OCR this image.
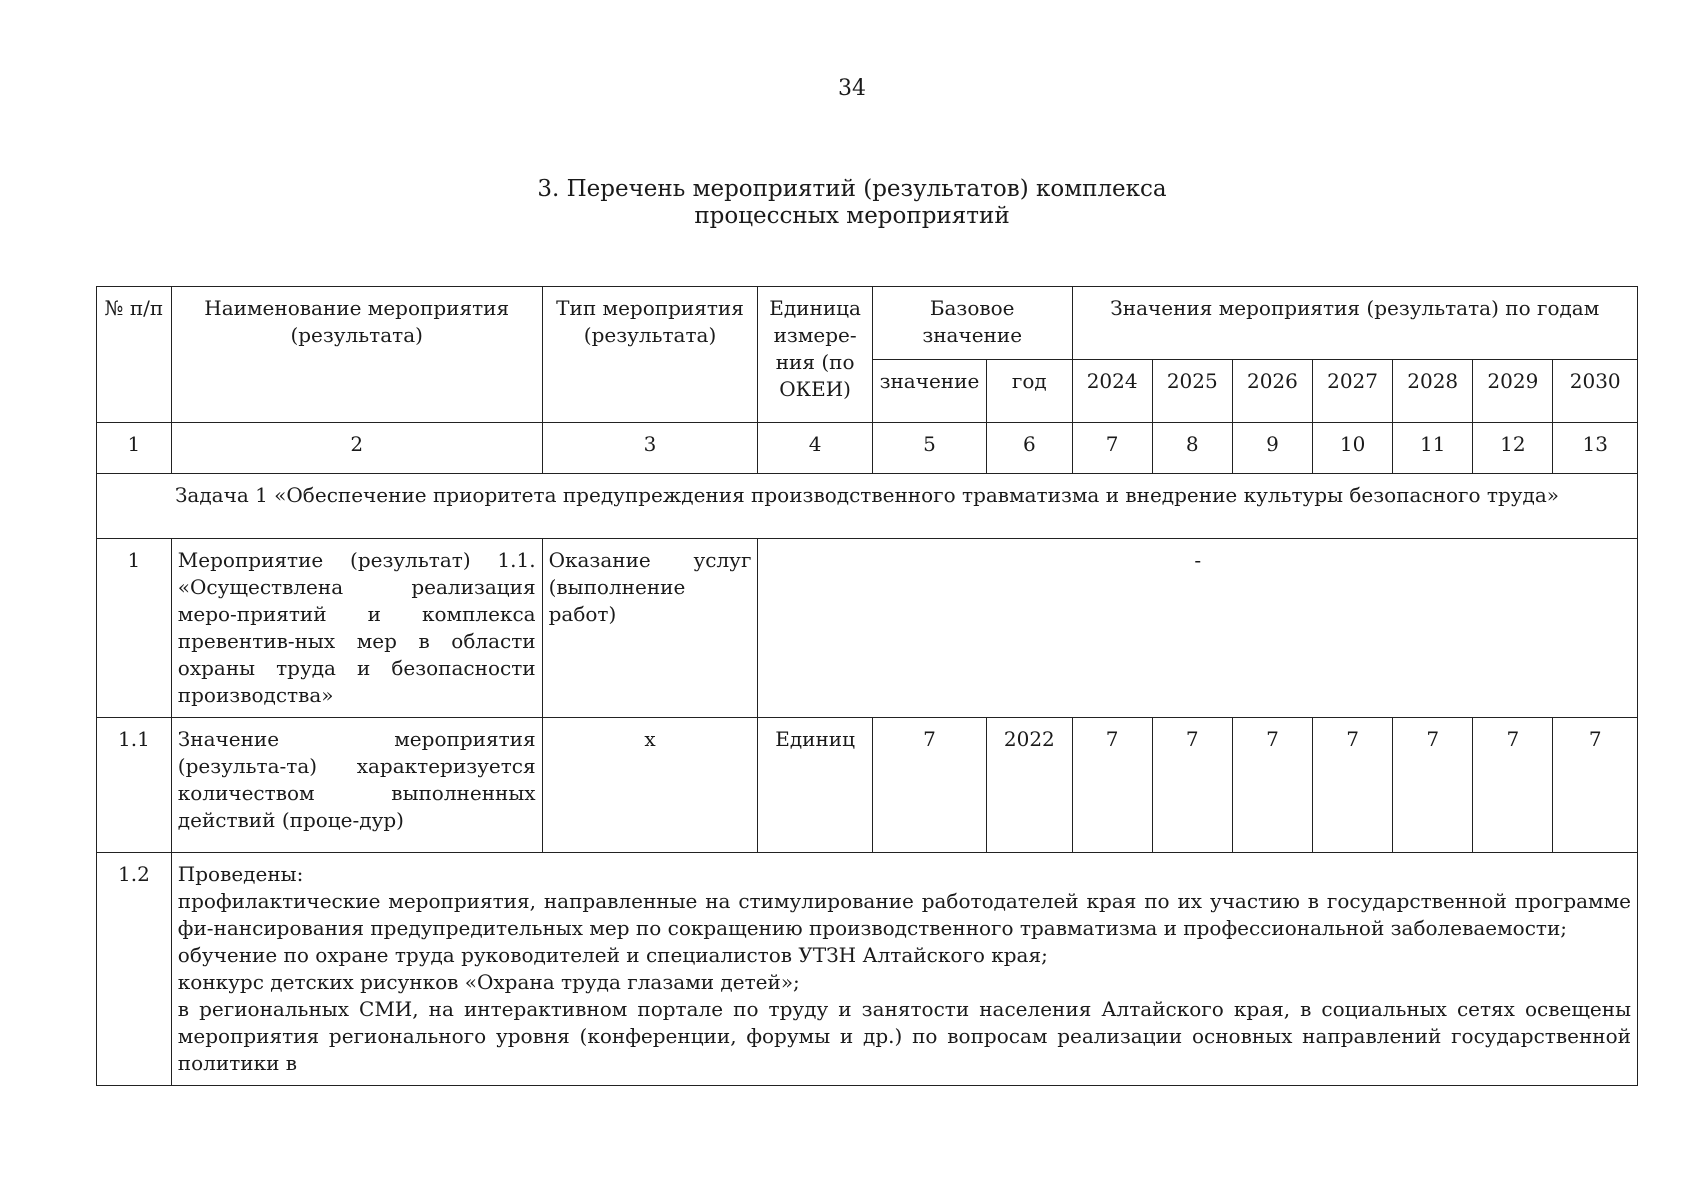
34
3. Перечень мероприятий (результатов) комплекса
процессных мероприятий
№ п/п	Наименование мероприятия (результата)	Тип мероприятия (результата)	Единица измере-ния (по ОКЕИ)	Базовое значение		Значения мероприятия (результата) по годам						
						2024	2025	2026	2027	2028	2029	2030
				значение	год							
1	2	3	4	5	6	7	8	9	10	11	12	13
Задача 1 «Обеспечение приоритета предупреждения производственного травматизма и внедрение культуры безопасного труда»												
1	Мероприятие (результат) 1.1. «Осуществлена реализация меро-приятий и комплекса превентив-ных мер в области охраны труда и безопасности производства»	Оказание услуг (выполнение работ)	-									
1.1	Значение мероприятия (результа-та) характеризуется количеством выполненных действий (проце-дур)	х	Единиц	7	2022	7	7	7	7	7	7	7
1.2	Проведены:
профилактические мероприятия, направленные на стимулирование работодателей края по их участию в государственной программе фи-нансирования предупредительных мер по сокращению производственного травматизма и профессиональной заболеваемости;
обучение по охране труда руководителей и специалистов УТЗН Алтайского края;
конкурс детских рисунков «Охрана труда глазами детей»;
в региональных СМИ, на интерактивном портале по труду и занятости населения Алтайского края, в социальных сетях освещены мероприятия регионального уровня (конференции, форумы и др.) по вопросам реализации основных направлений государственной политики в											
